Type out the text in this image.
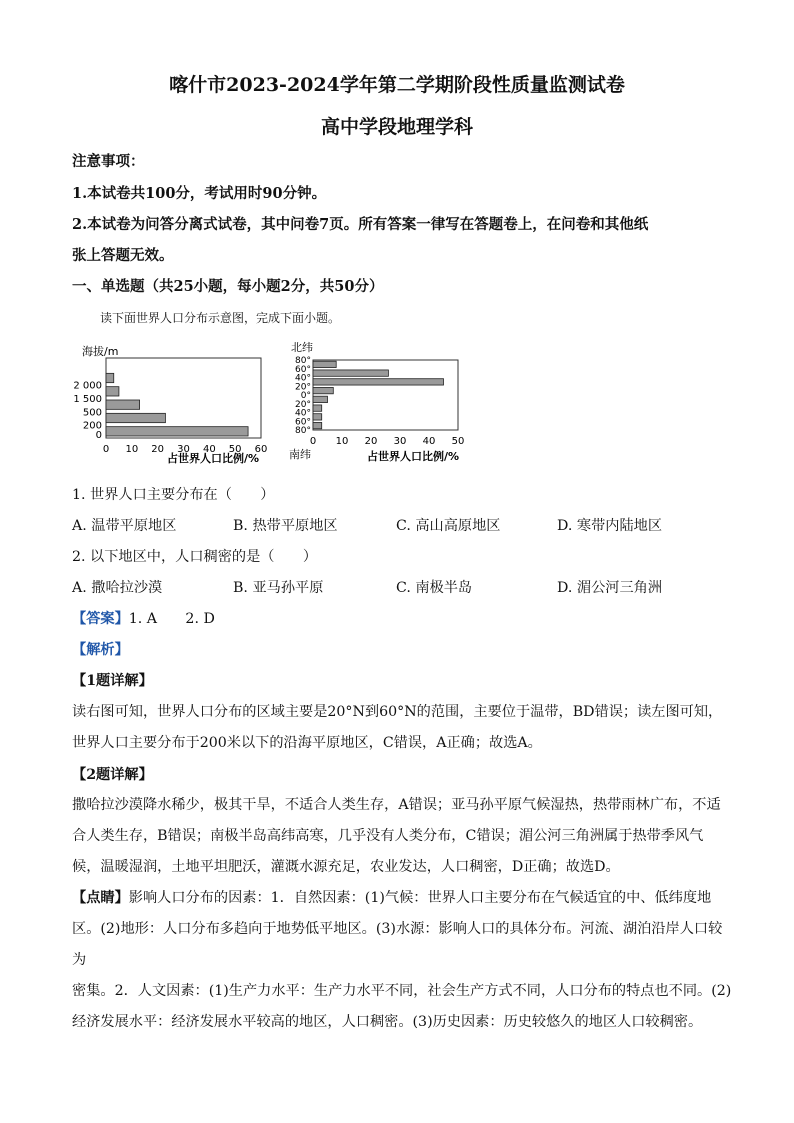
喀什市2023-2024学年第二学期阶段性质量监测试卷
高中学段地理学科
注意事项：
1.本试卷共100分，考试用时90分钟。
2.本试卷为问答分离式试卷，其中问卷7页。所有答案一律写在答题卷上，在问卷和其他纸
张上答题无效。
一、单选题（共25小题，每小题2分，共50分）
读下面世界人口分布示意图，完成下面小题。
海拔/m
0
200
500
1 500
2 000
0 10 20 30 40 50 60
占世界人口比例/%
北纬
80°
60°
40°
20°
0°
20°
40°
60°
80°
0 10 20 30 40 50
南纬	占世界人口比例/%
1. 世界人口主要分布在（　　）
A. 温带平原地区	B. 热带平原地区	C. 高山高原地区	D. 寒带内陆地区
2. 以下地区中，人口稠密的是（　　）
A. 撒哈拉沙漠	B. 亚马孙平原	C. 南极半岛	D. 湄公河三角洲
【答案】1. A　　2. D
【解析】
【1题详解】
读右图可知，世界人口分布的区域主要是20°N到60°N的范围，主要位于温带，BD错误；读左图可知，
世界人口主要分布于200米以下的沿海平原地区，C错误，A正确；故选A。
【2题详解】
撒哈拉沙漠降水稀少，极其干旱，不适合人类生存，A错误；亚马孙平原气候湿热，热带雨林广布，不适
合人类生存，B错误；南极半岛高纬高寒，几乎没有人类分布，C错误；湄公河三角洲属于热带季风气
候，温暖湿润，土地平坦肥沃，灌溉水源充足，农业发达，人口稠密，D正确；故选D。
【点睛】影响人口分布的因素：1．自然因素：(1)气候：世界人口主要分布在气候适宜的中、低纬度地
区。(2)地形：人口分布多趋向于地势低平地区。(3)水源：影响人口的具体分布。河流、湖泊沿岸人口较为
密集。2．人文因素：(1)生产力水平：生产力水平不同，社会生产方式不同，人口分布的特点也不同。(2)
经济发展水平：经济发展水平较高的地区，人口稠密。(3)历史因素：历史较悠久的地区人口较稠密。
